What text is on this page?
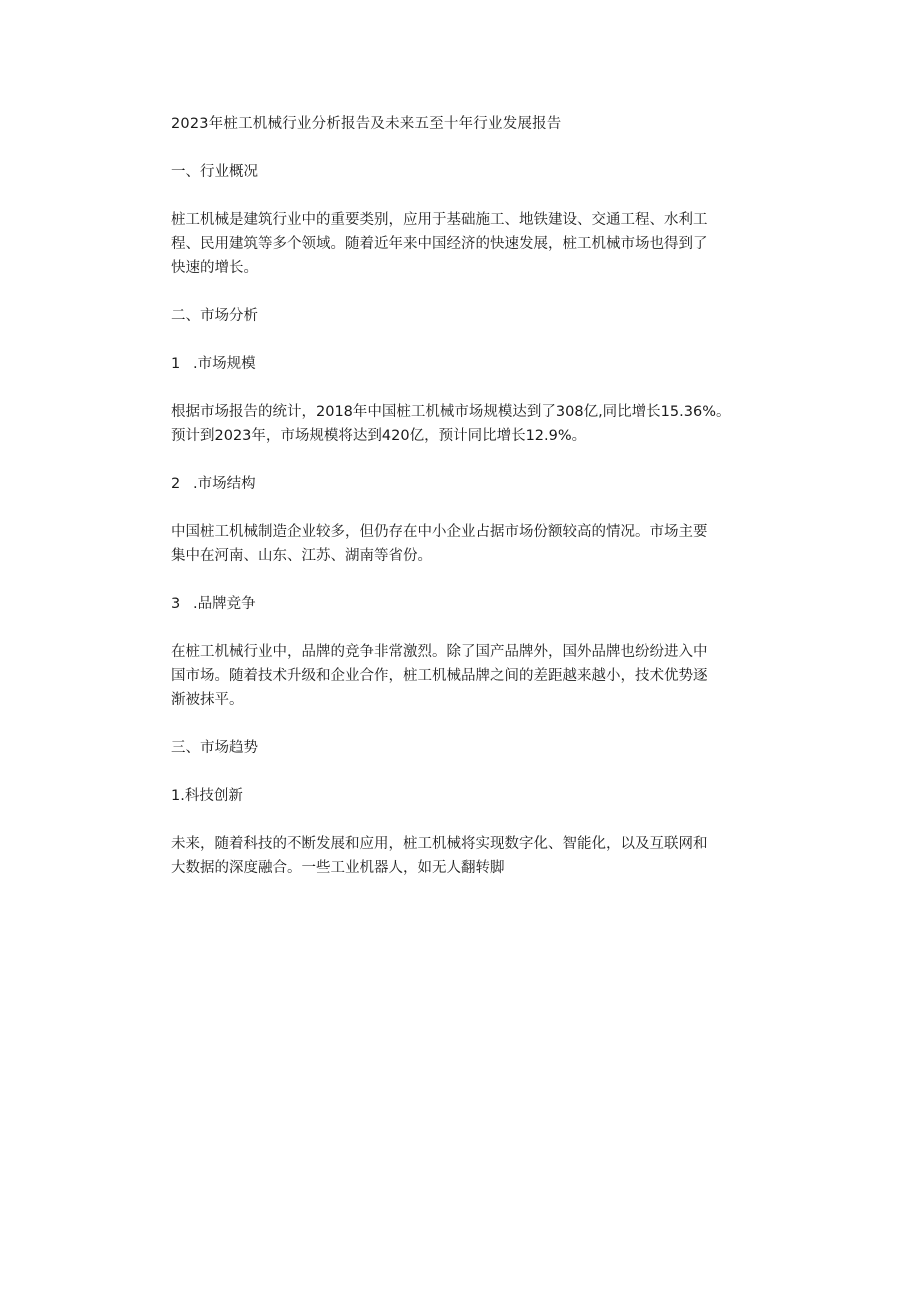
2023年桩工机械行业分析报告及未来五至十年行业发展报告
一、行业概况
桩工机械是建筑行业中的重要类别，应用于基础施工、地铁建设、交通工程、水利工
程、民用建筑等多个领域。随着近年来中国经济的快速发展，桩工机械市场也得到了
快速的增长。
二、市场分析
1 .市场规模
根据市场报告的统计，2018年中国桩工机械市场规模达到了308亿,同比增长15.36%。
预计到2023年，市场规模将达到420亿，预计同比增长12.9%。
2 .市场结构
中国桩工机械制造企业较多，但仍存在中小企业占据市场份额较高的情况。市场主要
集中在河南、山东、江苏、湖南等省份。
3 .品牌竞争
在桩工机械行业中，品牌的竞争非常激烈。除了国产品牌外，国外品牌也纷纷进入中
国市场。随着技术升级和企业合作，桩工机械品牌之间的差距越来越小，技术优势逐
渐被抹平。
三、市场趋势
1.科技创新
未来，随着科技的不断发展和应用，桩工机械将实现数字化、智能化，以及互联网和
大数据的深度融合。一些工业机器人，如无人翻转脚
